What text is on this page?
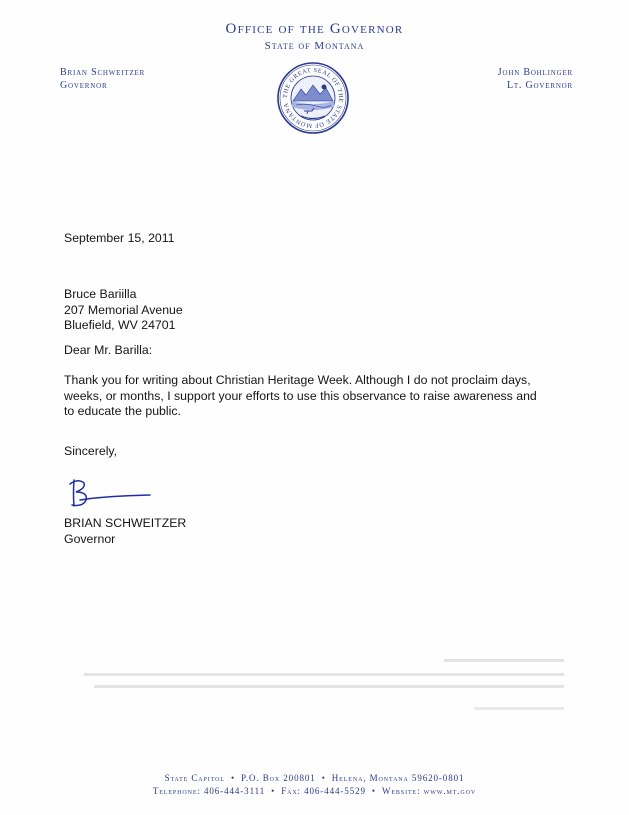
Office of the Governor
State of Montana
Brian Schweitzer
Governor
John Bohlinger
Lt. Governor
THE GREAT SEAL OF THE STATE OF MONTANA
September 15, 2011
Bruce Bariilla
207 Memorial Avenue
Bluefield, WV 24701
Dear Mr. Barilla:
Thank you for writing about Christian Heritage Week. Although I do not proclaim days,
weeks, or months, I support your efforts to use this observance to raise awareness and
to educate the public.
Sincerely,
BRIAN SCHWEITZER
Governor
State Capitol • P.O. Box 200801 • Helena, Montana 59620-0801
Telephone: 406-444-3111 • Fax: 406-444-5529 • Website: www.mt.gov
